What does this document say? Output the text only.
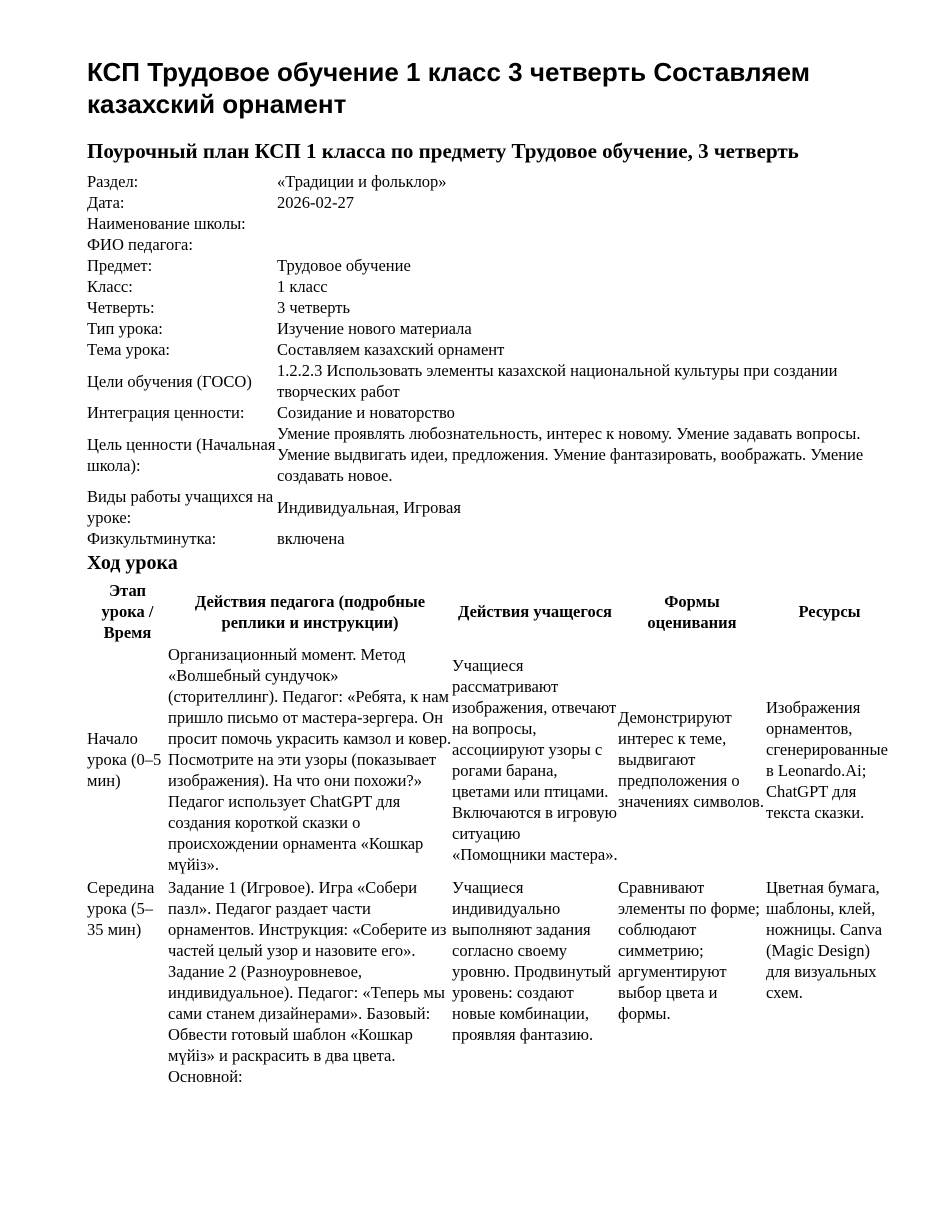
КСП Трудовое обучение 1 класс 3 четверть Составляем казахский орнамент
Поурочный план КСП 1 класса по предмету Трудовое обучение, 3 четверть
Раздел:	«Традиции и фольклор»
Дата:	2026-02-27
Наименование школы:	
ФИО педагога:	
Предмет:	Трудовое обучение
Класс:	1 класс
Четверть:	3 четверть
Тип урока:	Изучение нового материала
Тема урока:	Составляем казахский орнамент
Цели обучения (ГОСО)	1.2.2.3 Использовать элементы казахской национальной культуры при создании творческих работ
Интеграция ценности:	Созидание и новаторство
Цель ценности (Начальная школа):	Умение проявлять любознательность, интерес к новому. Умение задавать вопросы. Умение выдвигать идеи, предложения. Умение фантазировать, воображать. Умение создавать новое.
Виды работы учащихся на уроке:	Индивидуальная, Игровая
Физкультминутка:	включена
Ход урока
Этап урока / Время	Действия педагога (подробные реплики и инструкции)	Действия учащегося	Формы оценивания	Ресурсы
Начало урока (0–5 мин)	Организационный момент. Метод «Волшебный сундучок» (сторителлинг). Педагог: «Ребята, к нам пришло письмо от мастера-зергера. Он просит помочь украсить камзол и ковер. Посмотрите на эти узоры (показывает изображения). На что они похожи?» Педагог использует ChatGPT для создания короткой сказки о происхождении орнамента «Кошкар мүйіз».	Учащиеся рассматривают изображения, отвечают на вопросы, ассоциируют узоры с рогами барана, цветами или птицами. Включаются в игровую ситуацию «Помощники мастера».	Демонстрируют интерес к теме, выдвигают предположения о значениях символов.	Изображения орнаментов, сгенерированные в Leonardo.Ai; ChatGPT для текста сказки.
Середина урока (5–35 мин)	Задание 1 (Игровое). Игра «Собери пазл». Педагог раздает части орнаментов. Инструкция: «Соберите из частей целый узор и назовите его». Задание 2 (Разноуровневое, индивидуальное). Педагог: «Теперь мы сами станем дизайнерами». Базовый: Обвести готовый шаблон «Кошкар мүйіз» и раскрасить в два цвета. Основной:	Учащиеся индивидуально выполняют задания согласно своему уровню. Продвинутый уровень: создают новые комбинации, проявляя фантазию.	Сравнивают элементы по форме; соблюдают симметрию; аргументируют выбор цвета и формы.	Цветная бумага, шаблоны, клей, ножницы. Canva (Magic Design) для визуальных схем.
